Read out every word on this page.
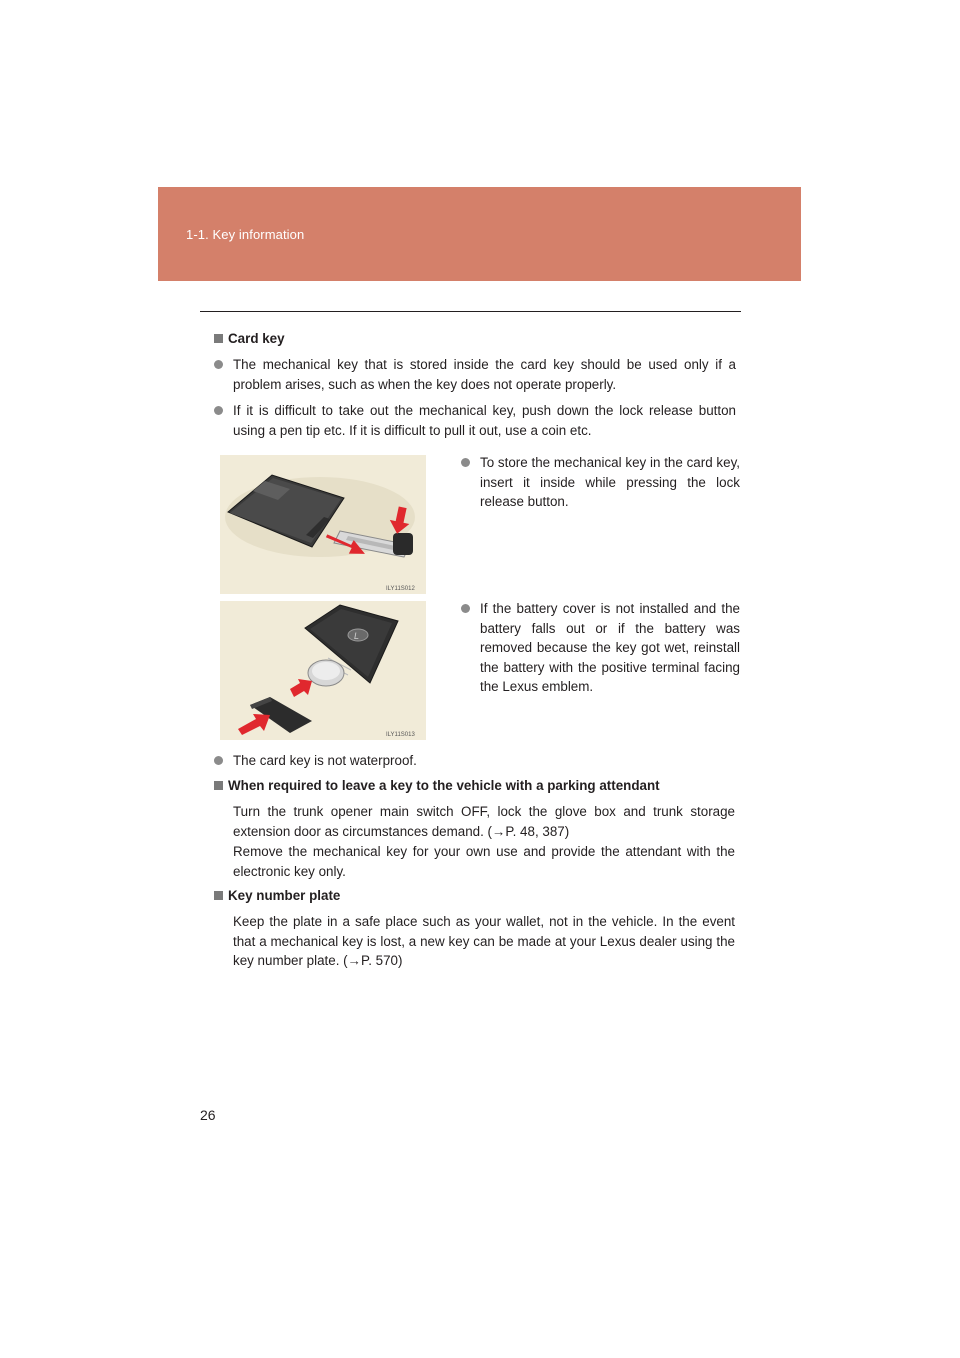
1-1. Key information
Card key
The mechanical key that is stored inside the card key should be used only if a problem arises, such as when the key does not operate properly.
If it is difficult to take out the mechanical key, push down the lock release button using a pen tip etc. If it is difficult to pull it out, use a coin etc.
ILY11S012
To store the mechanical key in the card key, insert it inside while pressing the lock release button.
L
ILY11S013
If the battery cover is not installed and the battery falls out or if the battery was removed because the key got wet, reinstall the battery with the positive terminal facing the Lexus emblem.
The card key is not waterproof.
When required to leave a key to the vehicle with a parking attendant
Turn the trunk opener main switch OFF, lock the glove box and trunk storage extension door as circumstances demand. (→P. 48, 387)
Remove the mechanical key for your own use and provide the attendant with the electronic key only.
Key number plate
Keep the plate in a safe place such as your wallet, not in the vehicle. In the event that a mechanical key is lost, a new key can be made at your Lexus dealer using the key number plate. (→P. 570)
26
